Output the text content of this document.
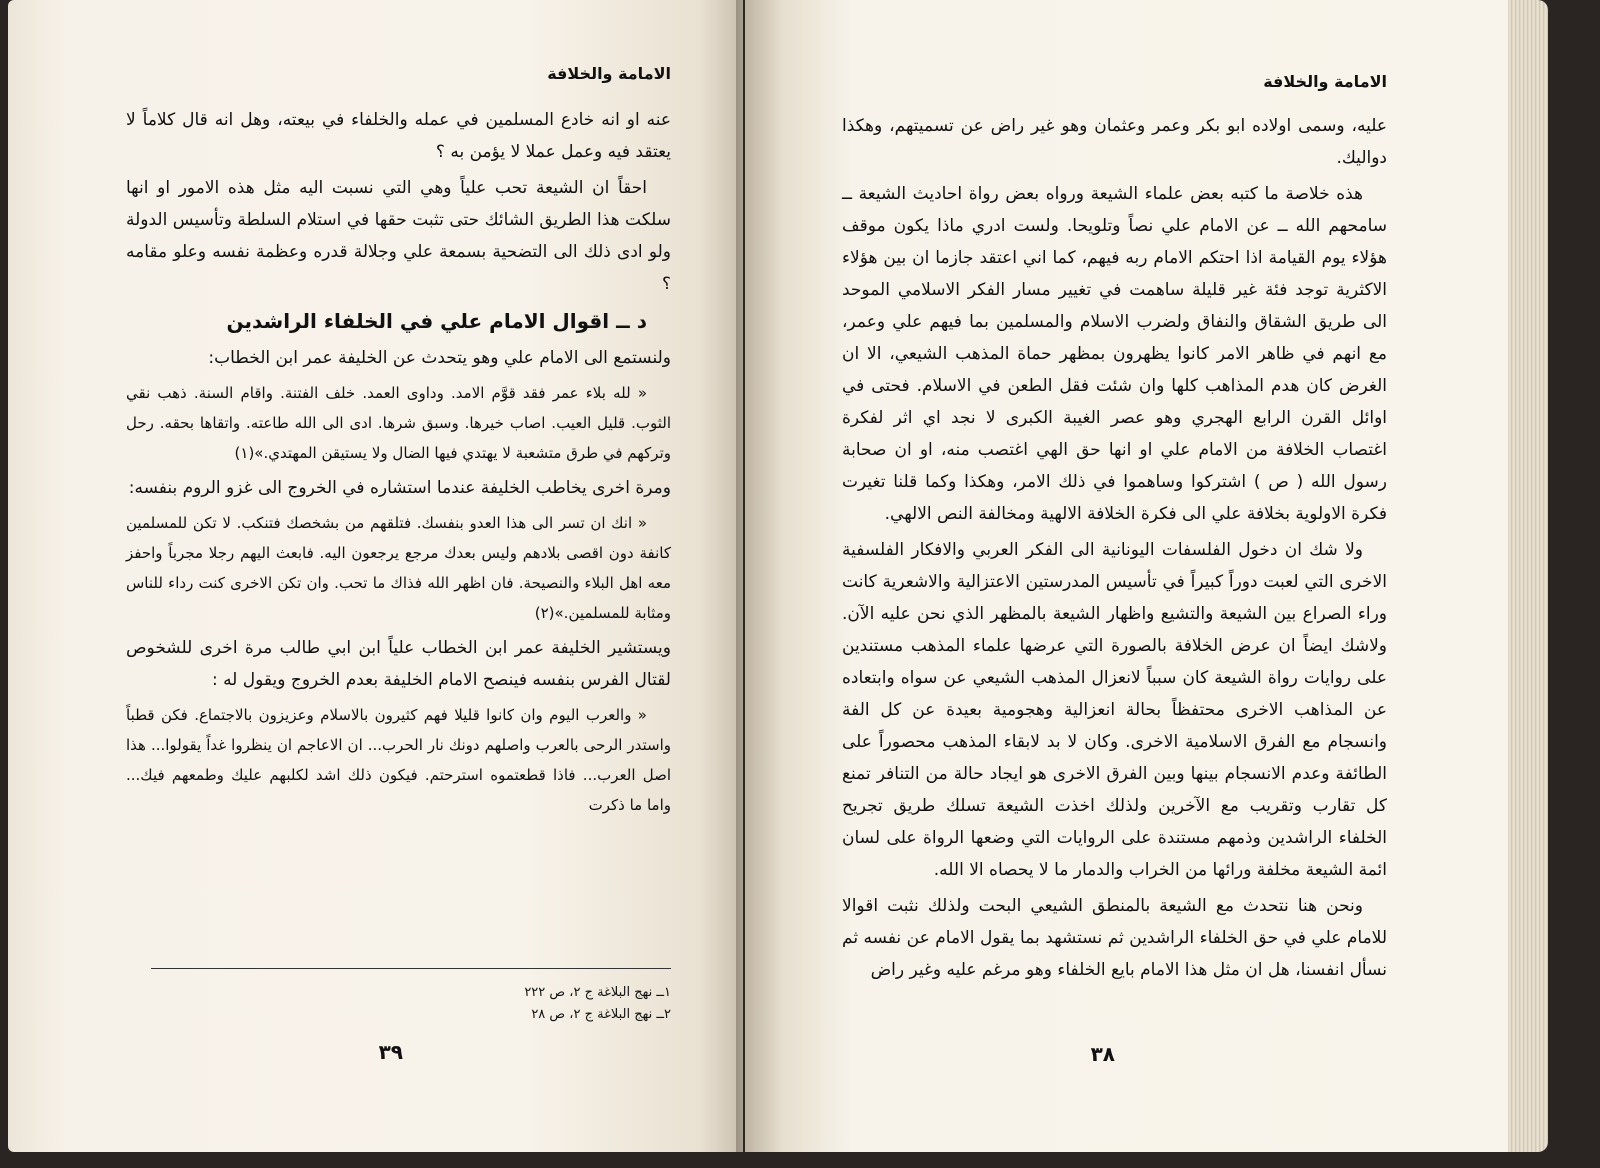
الامامة والخلافة

عنه او انه خادع المسلمين في عمله والخلفاء في بيعته، وهل انه قال كلاماً لا يعتقد فيه وعمل عملا لا يؤمن به ؟

احقاً ان الشيعة تحب علياً وهي التي نسبت اليه مثل هذه الامور او انها سلكت هذا الطريق الشائك حتى تثبت حقها في استلام السلطة وتأسيس الدولة ولو ادى ذلك الى التضحية بسمعة علي وجلالة قدره وعظمة نفسه وعلو مقامه ؟

د ــ اقوال الامام علي في الخلفاء الراشدين

ولنستمع الى الامام علي وهو يتحدث عن الخليفة عمر ابن الخطاب:

« لله بلاء عمر فقد قوَّم الامد. وداوى العمد. خلف الفتنة. واقام السنة. ذهب نقي الثوب. قليل العيب. اصاب خيرها. وسبق شرها. ادى الى الله طاعته. واتقاها بحقه. رحل وتركهم في طرق متشعبة لا يهتدي فيها الضال ولا يستيقن المهتدي.»(١)

ومرة اخرى يخاطب الخليفة عندما استشاره في الخروج الى غزو الروم بنفسه:

« انك ان تسر الى هذا العدو بنفسك. فتلقهم من بشخصك فتنكب. لا تكن للمسلمين كانفة دون اقصى بلادهم وليس بعدك مرجع يرجعون اليه. فابعث اليهم رجلا مجرباً واحفز معه اهل البلاء والنصيحة. فان اظهر الله فذاك ما تحب. وان تكن الاخرى كنت رداء للناس ومثابة للمسلمين.»(٢)

ويستشير الخليفة عمر ابن الخطاب علياً ابن ابي طالب مرة اخرى للشخوص لقتال الفرس بنفسه فينصح الامام الخليفة بعدم الخروج ويقول له :

« والعرب اليوم وان كانوا قليلا فهم كثيرون بالاسلام وعزيزون بالاجتماع. فكن قطباً واستدر الرحى بالعرب واصلهم دونك نار الحرب... ان الاعاجم ان ينظروا غداً يقولوا... هذا اصل العرب... فاذا قطعتموه استرحتم. فيكون ذلك اشد لكلبهم عليك وطمعهم فيك... واما ما ذكرت

١ــ نهج البلاغة ج ٢، ص ٢٢٢
٢ــ نهج البلاغة ج ٢، ص ٢٨
٣٩
الامامة والخلافة

عليه، وسمى اولاده ابو بكر وعمر وعثمان وهو غير راض عن تسميتهم، وهكذا دواليك.

هذه خلاصة ما كتبه بعض علماء الشيعة ورواه بعض رواة احاديث الشيعة ــ سامحهم الله ــ عن الامام علي نصاً وتلويحا. ولست ادري ماذا يكون موقف هؤلاء يوم القيامة اذا احتكم الامام ربه فيهم، كما اني اعتقد جازما ان بين هؤلاء الاكثرية توجد فئة غير قليلة ساهمت في تغيير مسار الفكر الاسلامي الموحد الى طريق الشقاق والنفاق ولضرب الاسلام والمسلمين بما فيهم علي وعمر، مع انهم في ظاهر الامر كانوا يظهرون بمظهر حماة المذهب الشيعي، الا ان الغرض كان هدم المذاهب كلها وان شئت فقل الطعن في الاسلام. فحتى في اوائل القرن الرابع الهجري وهو عصر الغيبة الكبرى لا نجد اي اثر لفكرة اغتصاب الخلافة من الامام علي او انها حق الهي اغتصب منه، او ان صحابة رسول الله ( ص ) اشتركوا وساهموا في ذلك الامر، وهكذا وكما قلنا تغيرت فكرة الاولوية بخلافة علي الى فكرة الخلافة الالهية ومخالفة النص الالهي.

ولا شك ان دخول الفلسفات اليونانية الى الفكر العربي والافكار الفلسفية الاخرى التي لعبت دوراً كبيراً في تأسيس المدرستين الاعتزالية والاشعرية كانت وراء الصراع بين الشيعة والتشيع واظهار الشيعة بالمظهر الذي نحن عليه الآن. ولاشك ايضاً ان عرض الخلافة بالصورة التي عرضها علماء المذهب مستندين على روايات رواة الشيعة كان سبباً لانعزال المذهب الشيعي عن سواه وابتعاده عن المذاهب الاخرى محتفظاً بحالة انعزالية وهجومية بعيدة عن كل الفة وانسجام مع الفرق الاسلامية الاخرى. وكان لا بد لابقاء المذهب محصوراً على الطائفة وعدم الانسجام بينها وبين الفرق الاخرى هو ايجاد حالة من التنافر تمنع كل تقارب وتقريب مع الآخرين ولذلك اخذت الشيعة تسلك طريق تجريح الخلفاء الراشدين وذمهم مستندة على الروايات التي وضعها الرواة على لسان ائمة الشيعة مخلفة ورائها من الخراب والدمار ما لا يحصاه الا الله.

ونحن هنا نتحدث مع الشيعة بالمنطق الشيعي البحت ولذلك نثبت اقوالا للامام علي في حق الخلفاء الراشدين ثم نستشهد بما يقول الامام عن نفسه ثم نسأل انفسنا، هل ان مثل هذا الامام بايع الخلفاء وهو مرغم عليه وغير راض

٣٨
